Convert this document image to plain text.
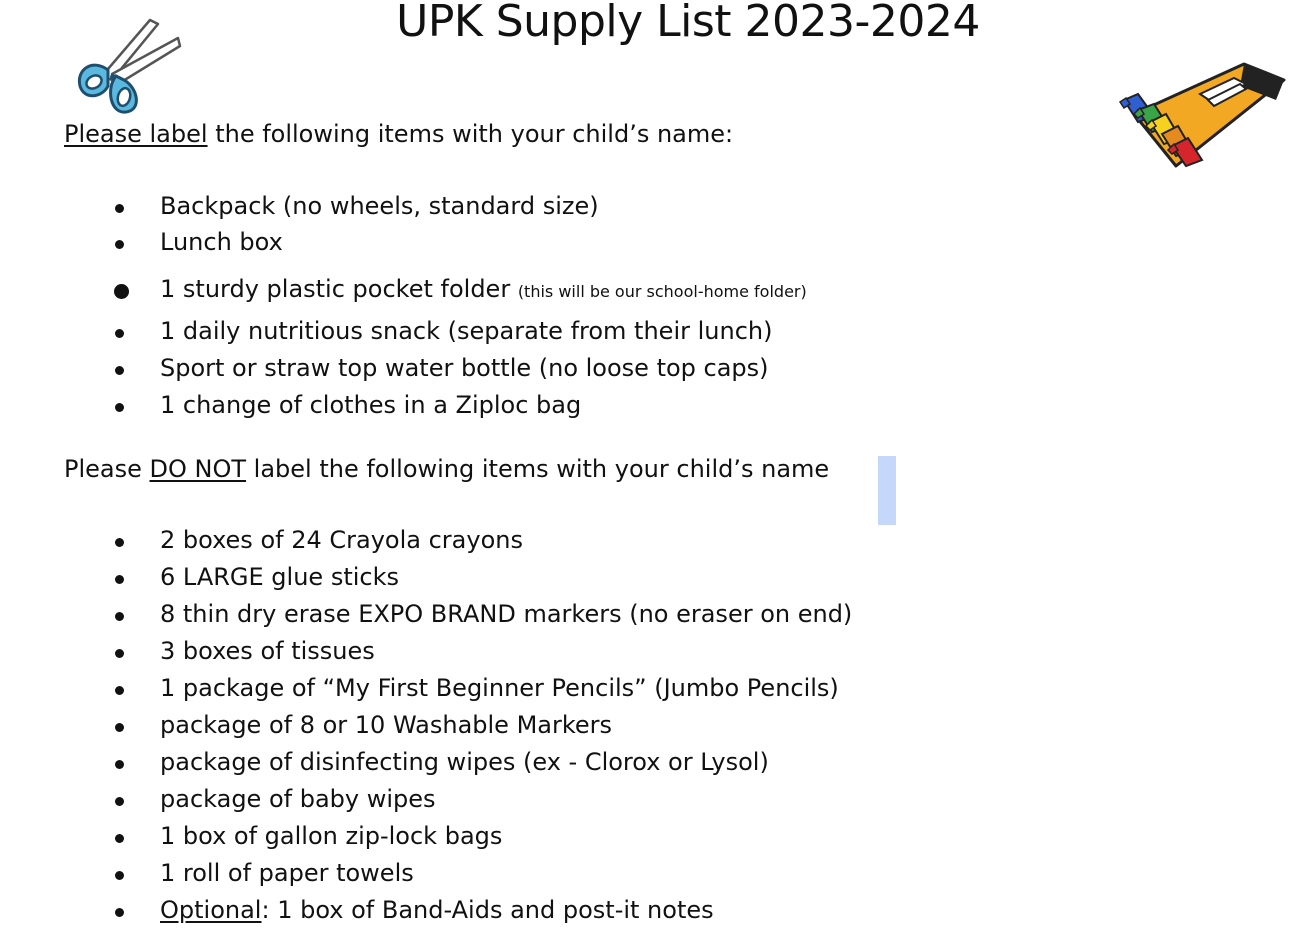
UPK Supply List 2023-2024

Please label the following items with your child’s name:

Backpack (no wheels, standard size)
Lunch box
1 sturdy plastic pocket folder (this will be our school-home folder)
1 daily nutritious snack (separate from their lunch)
Sport or straw top water bottle (no loose top caps)
1 change of clothes in a Ziploc bag

Please DO NOT label the following items with your child’s name

2 boxes of 24 Crayola crayons
6 LARGE glue sticks
8 thin dry erase EXPO BRAND markers (no eraser on end)
3 boxes of tissues
1 package of “My First Beginner Pencils” (Jumbo Pencils)
package of 8 or 10 Washable Markers
package of disinfecting wipes (ex - Clorox or Lysol)
package of baby wipes
1 box of gallon zip-lock bags
1 roll of paper towels
Optional: 1 box of Band-Aids and post-it notes
